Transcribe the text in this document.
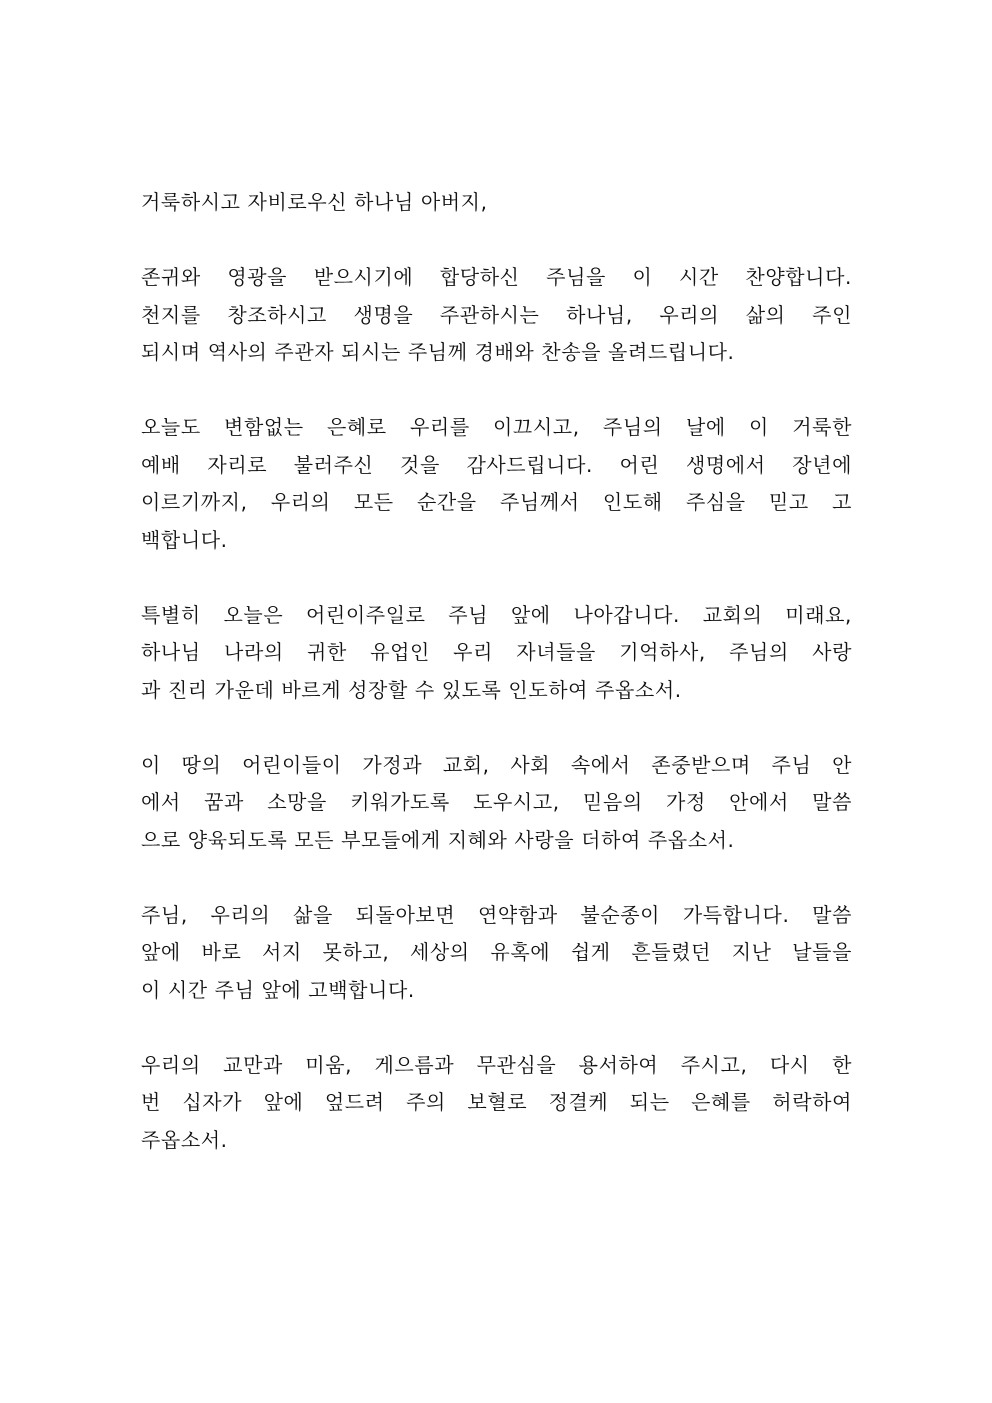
거룩하시고 자비로우신 하나님 아버지,
존귀와 영광을 받으시기에 합당하신 주님을 이 시간 찬양합니다.
천지를 창조하시고 생명을 주관하시는 하나님, 우리의 삶의 주인
되시며 역사의 주관자 되시는 주님께 경배와 찬송을 올려드립니다.
오늘도 변함없는 은혜로 우리를 이끄시고, 주님의 날에 이 거룩한
예배 자리로 불러주신 것을 감사드립니다. 어린 생명에서 장년에
이르기까지, 우리의 모든 순간을 주님께서 인도해 주심을 믿고 고
백합니다.
특별히 오늘은 어린이주일로 주님 앞에 나아갑니다. 교회의 미래요,
하나님 나라의 귀한 유업인 우리 자녀들을 기억하사, 주님의 사랑
과 진리 가운데 바르게 성장할 수 있도록 인도하여 주옵소서.
이 땅의 어린이들이 가정과 교회, 사회 속에서 존중받으며 주님 안
에서 꿈과 소망을 키워가도록 도우시고, 믿음의 가정 안에서 말씀
으로 양육되도록 모든 부모들에게 지혜와 사랑을 더하여 주옵소서.
주님, 우리의 삶을 되돌아보면 연약함과 불순종이 가득합니다. 말씀
앞에 바로 서지 못하고, 세상의 유혹에 쉽게 흔들렸던 지난 날들을
이 시간 주님 앞에 고백합니다.
우리의 교만과 미움, 게으름과 무관심을 용서하여 주시고, 다시 한
번 십자가 앞에 엎드려 주의 보혈로 정결케 되는 은혜를 허락하여
주옵소서.
